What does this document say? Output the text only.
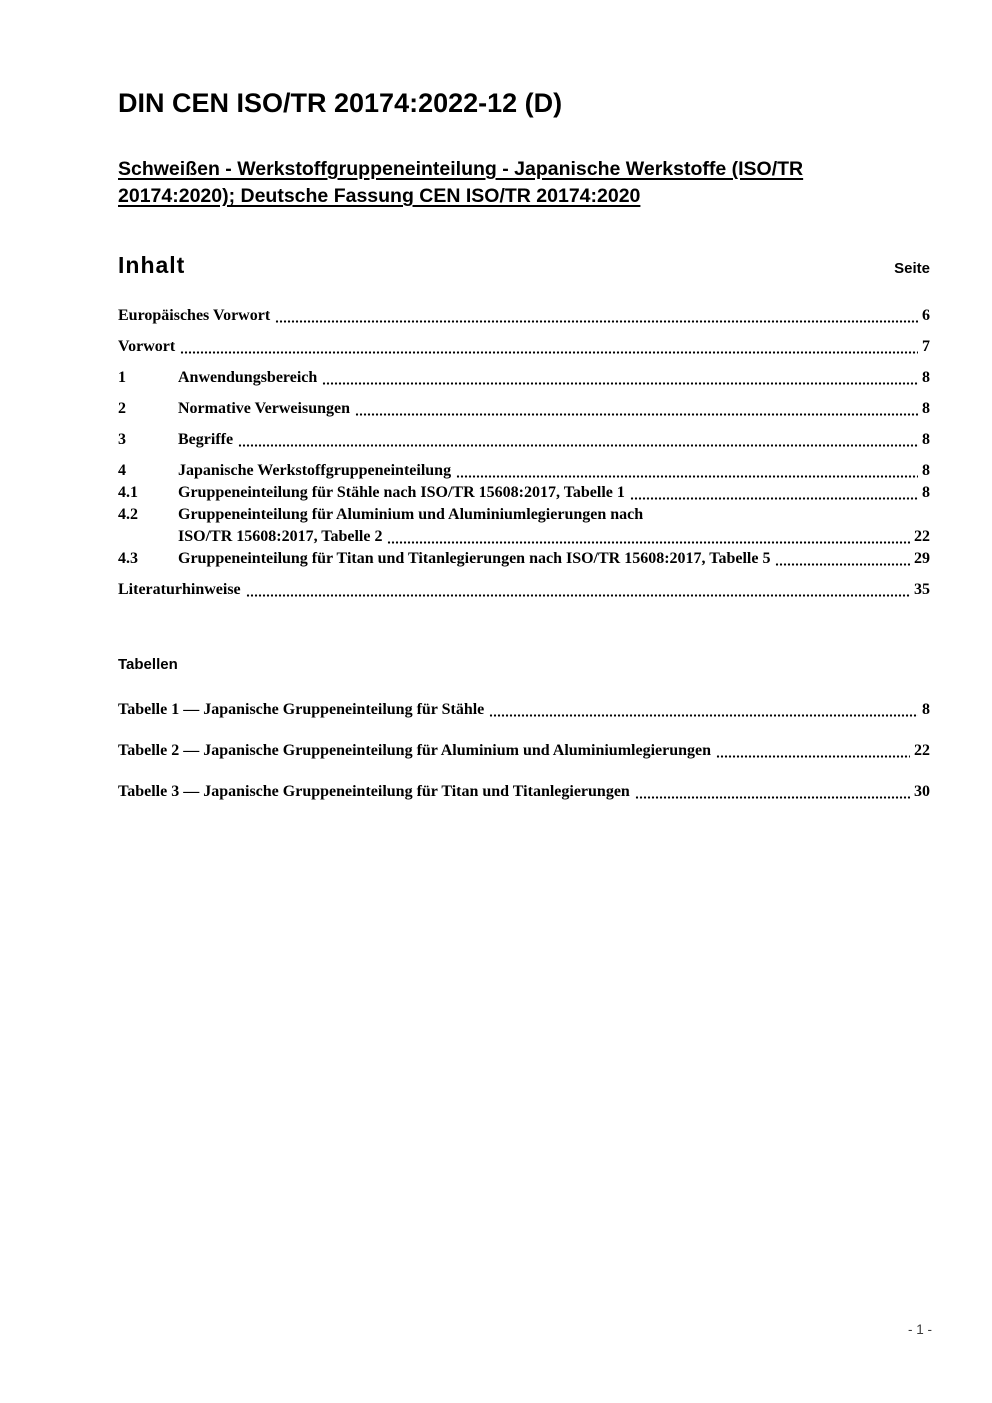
DIN CEN ISO/TR 20174:2022-12 (D)
Schweißen - Werkstoffgruppeneinteilung - Japanische Werkstoffe (ISO/TR
20174:2020); Deutsche Fassung CEN ISO/TR 20174:2020
Inhalt	Seite
Europäisches Vorwort	6
Vorwort	7
1	Anwendungsbereich	8
2	Normative Verweisungen	8
3	Begriffe	8
4	Japanische Werkstoffgruppeneinteilung	8
4.1	Gruppeneinteilung für Stähle nach ISO/TR 15608:2017, Tabelle 1	8
4.2	Gruppeneinteilung für Aluminium und Aluminiumlegierungen nach
ISO/TR 15608:2017, Tabelle 2	22
4.3	Gruppeneinteilung für Titan und Titanlegierungen nach ISO/TR 15608:2017, Tabelle 5	29
Literaturhinweise	35
Tabellen
Tabelle 1 — Japanische Gruppeneinteilung für Stähle	8
Tabelle 2 — Japanische Gruppeneinteilung für Aluminium und Aluminiumlegierungen	22
Tabelle 3 — Japanische Gruppeneinteilung für Titan und Titanlegierungen	30
- 1 -
